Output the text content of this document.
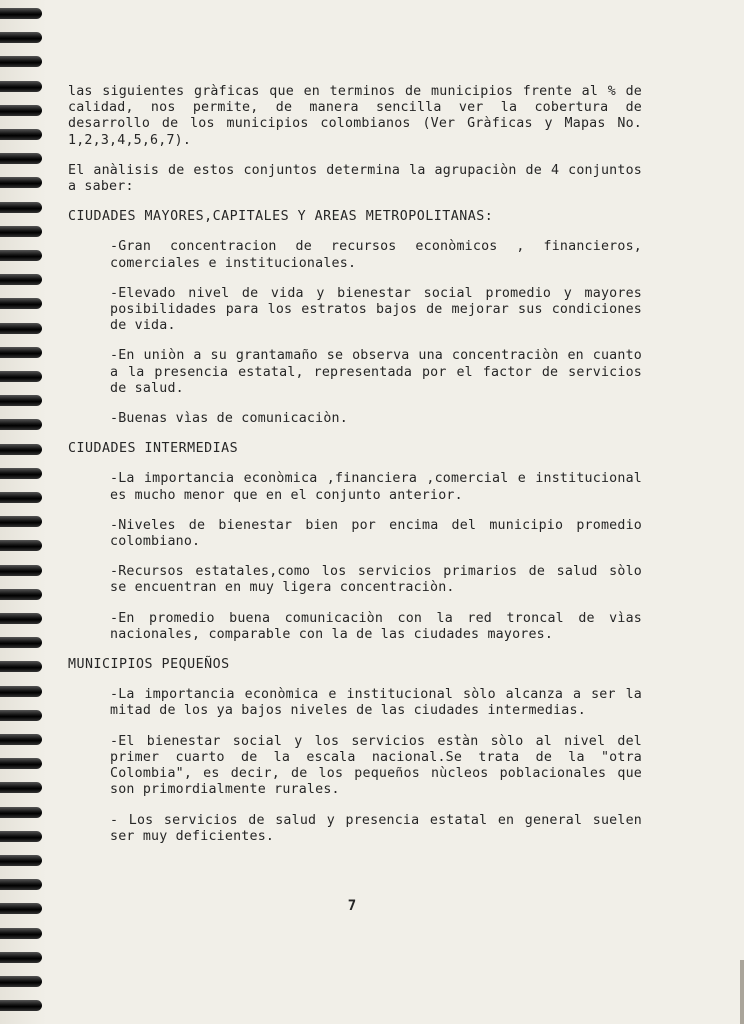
las siguientes gràficas que en terminos de municipios frente al % de calidad, nos permite, de manera sencilla ver la cobertura de desarrollo de los municipios colombianos (Ver Gràficas y Mapas No. 1,2,3,4,5,6,7).

El anàlisis de estos conjuntos determina la agrupaciòn de 4 conjuntos a saber:

CIUDADES MAYORES,CAPITALES Y AREAS METROPOLITANAS:

-Gran concentracion de recursos econòmicos , financieros, comerciales e institucionales.

-Elevado nivel de vida y bienestar social promedio y mayores posibilidades para los estratos bajos de mejorar sus condiciones de vida.

-En uniòn a su grantamaño se observa una concentraciòn en cuanto a la presencia estatal, representada por el factor de servicios de salud.

-Buenas vìas de comunicaciòn.

CIUDADES INTERMEDIAS

-La importancia econòmica ,financiera ,comercial e institucional es mucho menor que en el conjunto anterior.

-Niveles de bienestar bien por encima del municipio promedio colombiano.

-Recursos estatales,como los servicios primarios de salud sòlo se encuentran en muy ligera concentraciòn.

-En promedio buena comunicaciòn con la red troncal de vìas nacionales, comparable con la de las ciudades mayores.

MUNICIPIOS PEQUEÑOS

-La importancia econòmica e institucional sòlo alcanza a ser la mitad de los ya bajos niveles de las ciudades intermedias.

-El bienestar social y los servicios estàn sòlo al nivel del primer cuarto de la escala nacional.Se trata de la "otra Colombia", es decir, de los pequeños nùcleos poblacionales que son primordialmente rurales.

- Los servicios de salud y presencia estatal en general suelen ser muy deficientes.

7
